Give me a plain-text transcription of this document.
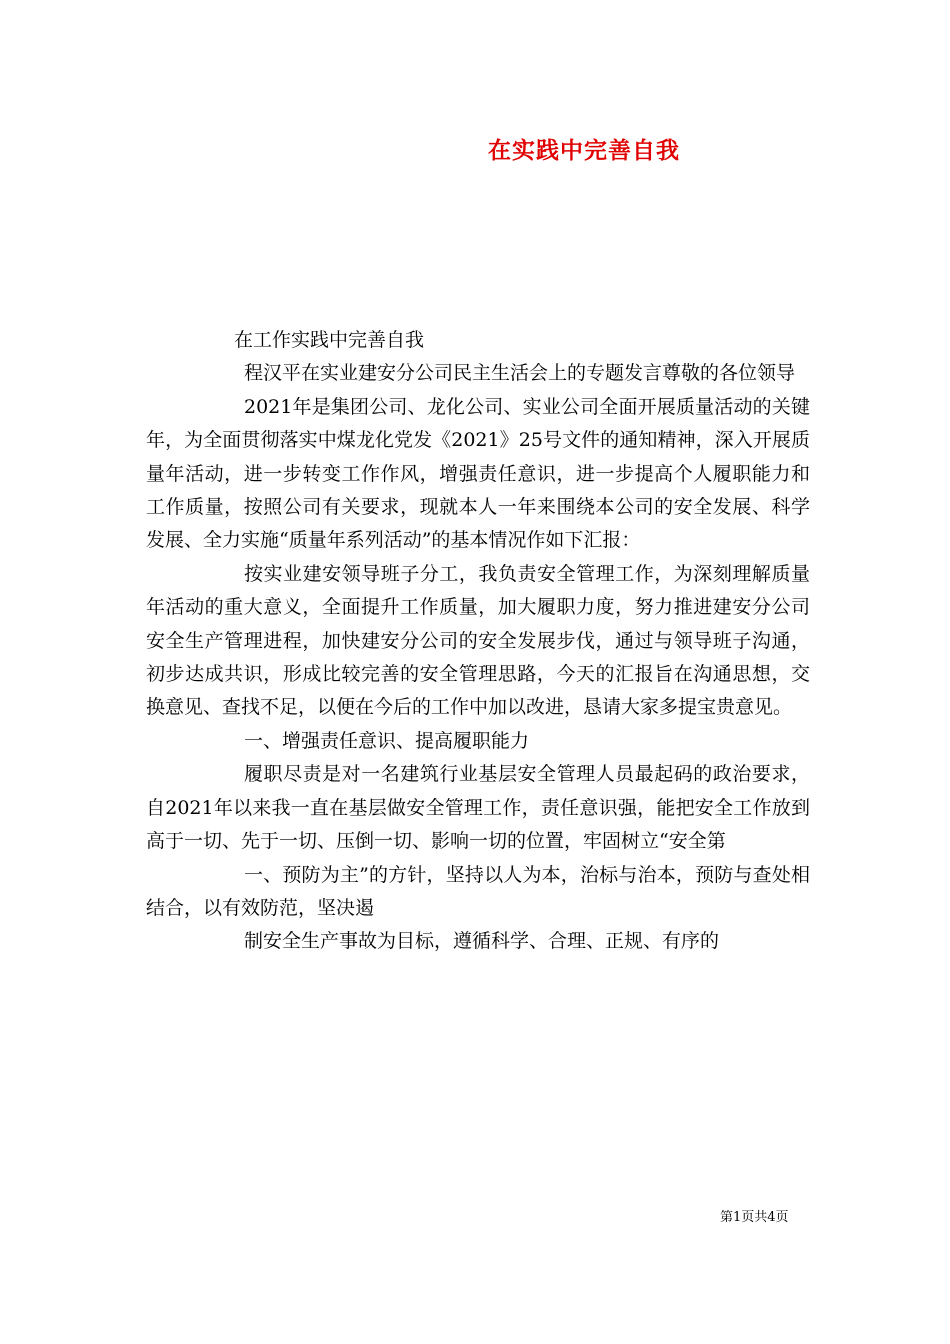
在实践中完善自我

在工作实践中完善自我

程汉平在实业建安分公司民主生活会上的专题发言尊敬的各位领导

2021年是集团公司、龙化公司、实业公司全面开展质量活动的关键年，为全面贯彻落实中煤龙化党发《2021》25号文件的通知精神，深入开展质量年活动，进一步转变工作作风，增强责任意识，进一步提高个人履职能力和工作质量，按照公司有关要求，现就本人一年来围绕本公司的安全发展、科学发展、全力实施“质量年系列活动”的基本情况作如下汇报：

按实业建安领导班子分工，我负责安全管理工作，为深刻理解质量年活动的重大意义，全面提升工作质量，加大履职力度，努力推进建安分公司安全生产管理进程，加快建安分公司的安全发展步伐，通过与领导班子沟通，初步达成共识，形成比较完善的安全管理思路，今天的汇报旨在沟通思想，交换意见、查找不足，以便在今后的工作中加以改进，恳请大家多提宝贵意见。

一、增强责任意识、提高履职能力

履职尽责是对一名建筑行业基层安全管理人员最起码的政治要求，自2021年以来我一直在基层做安全管理工作，责任意识强，能把安全工作放到高于一切、先于一切、压倒一切、影响一切的位置，牢固树立“安全第

一、预防为主”的方针，坚持以人为本，治标与治本，预防与查处相结合，以有效防范，坚决遏

制安全生产事故为目标，遵循科学、合理、正规、有序的

第1页共4页
